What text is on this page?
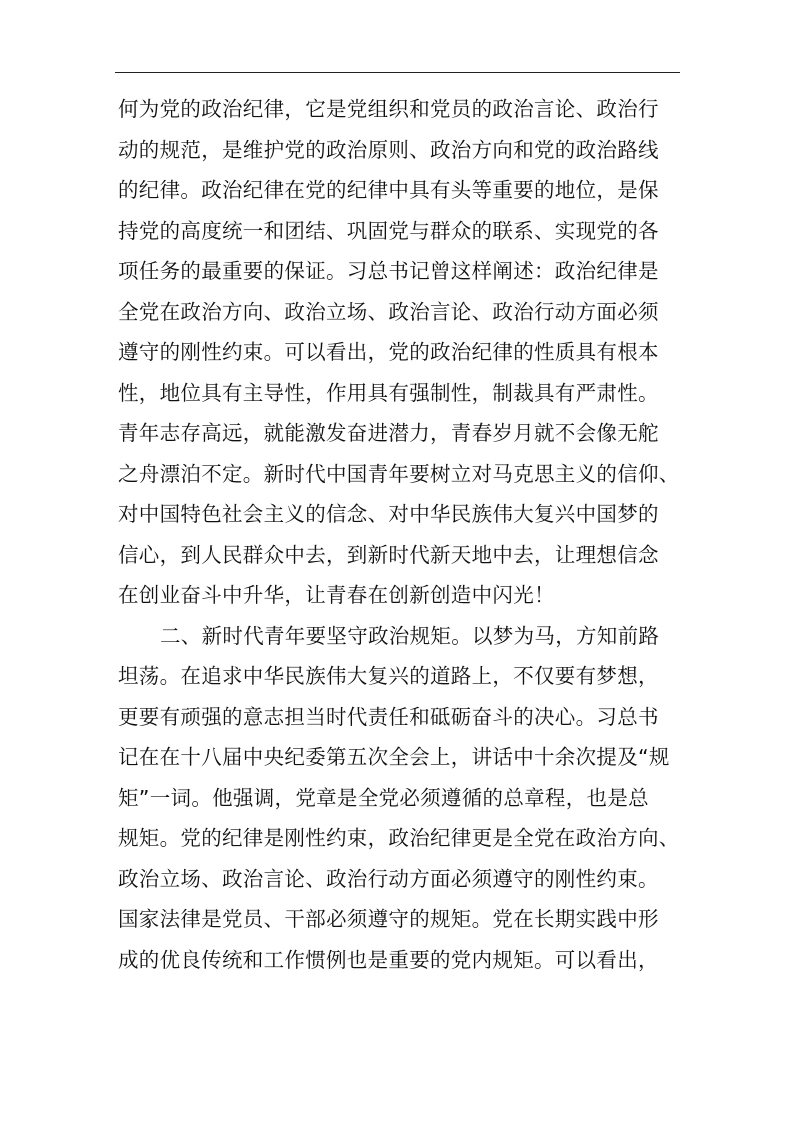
何为党的政治纪律，它是党组织和党员的政治言论、政治行
动的规范，是维护党的政治原则、政治方向和党的政治路线
的纪律。政治纪律在党的纪律中具有头等重要的地位，是保
持党的高度统一和团结、巩固党与群众的联系、实现党的各
项任务的最重要的保证。习总书记曾这样阐述：政治纪律是
全党在政治方向、政治立场、政治言论、政治行动方面必须
遵守的刚性约束。可以看出，党的政治纪律的性质具有根本
性，地位具有主导性，作用具有强制性，制裁具有严肃性。
青年志存高远，就能激发奋进潜力，青春岁月就不会像无舵
之舟漂泊不定。新时代中国青年要树立对马克思主义的信仰、
对中国特色社会主义的信念、对中华民族伟大复兴中国梦的
信心，到人民群众中去，到新时代新天地中去，让理想信念
在创业奋斗中升华，让青春在创新创造中闪光！
二、新时代青年要坚守政治规矩。以梦为马，方知前路
坦荡。在追求中华民族伟大复兴的道路上，不仅要有梦想，
更要有顽强的意志担当时代责任和砥砺奋斗的决心。习总书
记在在十八届中央纪委第五次全会上，讲话中十余次提及“规
矩”一词。他强调，党章是全党必须遵循的总章程，也是总
规矩。党的纪律是刚性约束，政治纪律更是全党在政治方向、
政治立场、政治言论、政治行动方面必须遵守的刚性约束。
国家法律是党员、干部必须遵守的规矩。党在长期实践中形
成的优良传统和工作惯例也是重要的党内规矩。可以看出，
